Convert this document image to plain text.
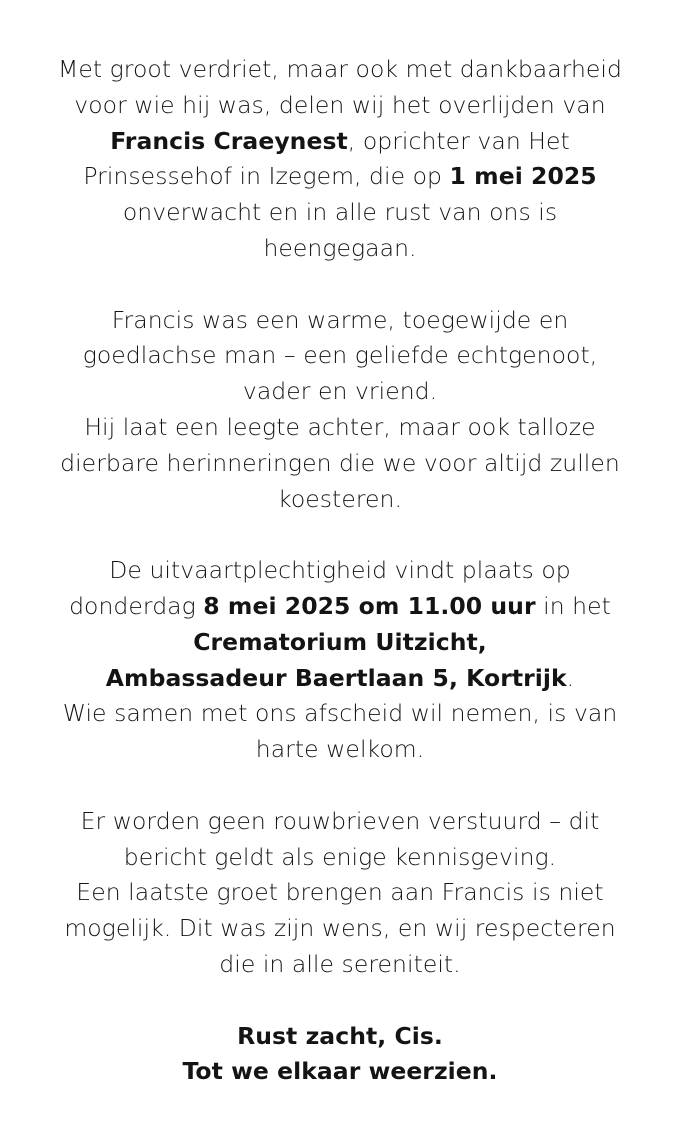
Met groot verdriet, maar ook met dankbaarheid
voor wie hij was, delen wij het overlijden van
Francis Craeynest, oprichter van Het
Prinsessehof in Izegem, die op 1 mei 2025
onverwacht en in alle rust van ons is
heengegaan.
Francis was een warme, toegewijde en
goedlachse man – een geliefde echtgenoot,
vader en vriend.
Hij laat een leegte achter, maar ook talloze
dierbare herinneringen die we voor altijd zullen
koesteren.
De uitvaartplechtigheid vindt plaats op
donderdag 8 mei 2025 om 11.00 uur in het
Crematorium Uitzicht,
Ambassadeur Baertlaan 5, Kortrijk.
Wie samen met ons afscheid wil nemen, is van
harte welkom.
Er worden geen rouwbrieven verstuurd – dit
bericht geldt als enige kennisgeving.
Een laatste groet brengen aan Francis is niet
mogelijk. Dit was zijn wens, en wij respecteren
die in alle sereniteit.
Rust zacht, Cis.
Tot we elkaar weerzien.
